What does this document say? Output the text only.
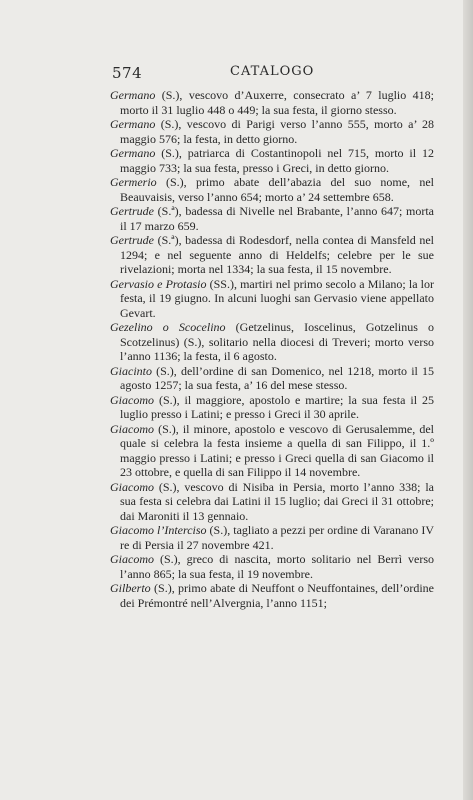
574	CATALOGO

Germano (S.), vescovo d’Auxerre, consecrato a’ 7 luglio 418; morto il 31 luglio 448 o 449; la sua festa, il giorno stesso.

Germano (S.), vescovo di Parigi verso l’anno 555, morto a’ 28 maggio 576; la festa, in detto giorno.

Germano (S.), patriarca di Costantinopoli nel 715, morto il 12 maggio 733; la sua festa, presso i Greci, in detto giorno.

Germerio (S.), primo abate dell’abazia del suo nome, nel Beauvaisis, verso l’anno 654; morto a’ 24 settembre 658.

Gertrude (S.ª), badessa di Nivelle nel Brabante, l’anno 647; morta il 17 marzo 659.

Gertrude (S.ª), badessa di Rodesdorf, nella contea di Mansfeld nel 1294; e nel seguente anno di Heldelfs; celebre per le sue rivelazioni; morta nel 1334; la sua festa, il 15 novembre.

Gervasio e Protasio (SS.), martiri nel primo secolo a Milano; la lor festa, il 19 giugno. In alcuni luoghi san Gervasio viene appellato Gevart.

Gezelino o Scocelino (Getzelinus, Ioscelinus, Gotzelinus o Scotzelinus) (S.), solitario nella diocesi di Treveri; morto verso l’anno 1136; la festa, il 6 agosto.

Giacinto (S.), dell’ordine di san Domenico, nel 1218, morto il 15 agosto 1257; la sua festa, a’ 16 del mese stesso.

Giacomo (S.), il maggiore, apostolo e martire; la sua festa il 25 luglio presso i Latini; e presso i Greci il 30 aprile.

Giacomo (S.), il minore, apostolo e vescovo di Gerusalemme, del quale si celebra la festa insieme a quella di san Filippo, il 1.º maggio presso i Latini; e presso i Greci quella di san Giacomo il 23 ottobre, e quella di san Filippo il 14 novembre.

Giacomo (S.), vescovo di Nisiba in Persia, morto l’anno 338; la sua festa si celebra dai Latini il 15 luglio; dai Greci il 31 ottobre; dai Maroniti il 13 gennaio.

Giacomo l’Interciso (S.), tagliato a pezzi per ordine di Varanano IV re di Persia il 27 novembre 421.

Giacomo (S.), greco di nascita, morto solitario nel Berrì verso l’anno 865; la sua festa, il 19 novembre.

Gilberto (S.), primo abate di Neuffont o Neuffontaines, dell’ordine dei Prémontré nell’Alvergnia, l’anno 1151;
